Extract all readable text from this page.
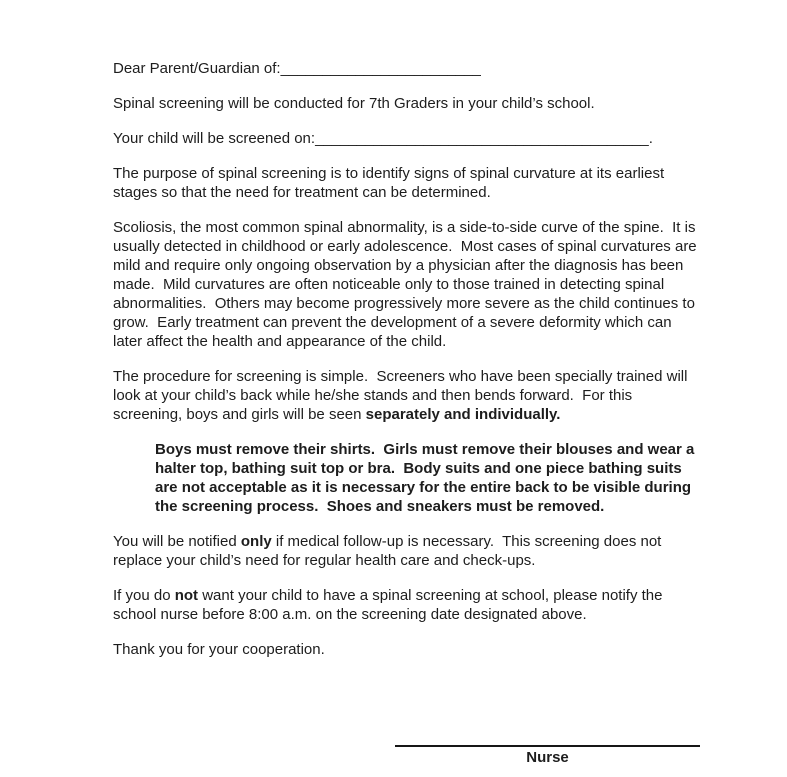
Dear Parent/Guardian of:________________________

Spinal screening will be conducted for 7th Graders in your child’s school.

Your child will be screened on:________________________________________.

The purpose of spinal screening is to identify signs of spinal curvature at its earliest stages so that the need for treatment can be determined.

Scoliosis, the most common spinal abnormality, is a side-to-side curve of the spine.  It is usually detected in childhood or early adolescence.  Most cases of spinal curvatures are mild and require only ongoing observation by a physician after the diagnosis has been made.  Mild curvatures are often noticeable only to those trained in detecting spinal abnormalities.  Others may become progressively more severe as the child continues to grow.  Early treatment can prevent the development of a severe deformity which can later affect the health and appearance of the child.

The procedure for screening is simple.  Screeners who have been specially trained will look at your child’s back while he/she stands and then bends forward.  For this screening, boys and girls will be seen separately and individually.

Boys must remove their shirts.  Girls must remove their blouses and wear a halter top, bathing suit top or bra.  Body suits and one piece bathing suits are not acceptable as it is necessary for the entire back to be visible during the screening process.  Shoes and sneakers must be removed.

You will be notified only if medical follow-up is necessary.  This screening does not replace your child’s need for regular health care and check-ups.

If you do not want your child to have a spinal screening at school, please notify the school nurse before 8:00 a.m. on the screening date designated above.

Thank you for your cooperation.

Nurse
